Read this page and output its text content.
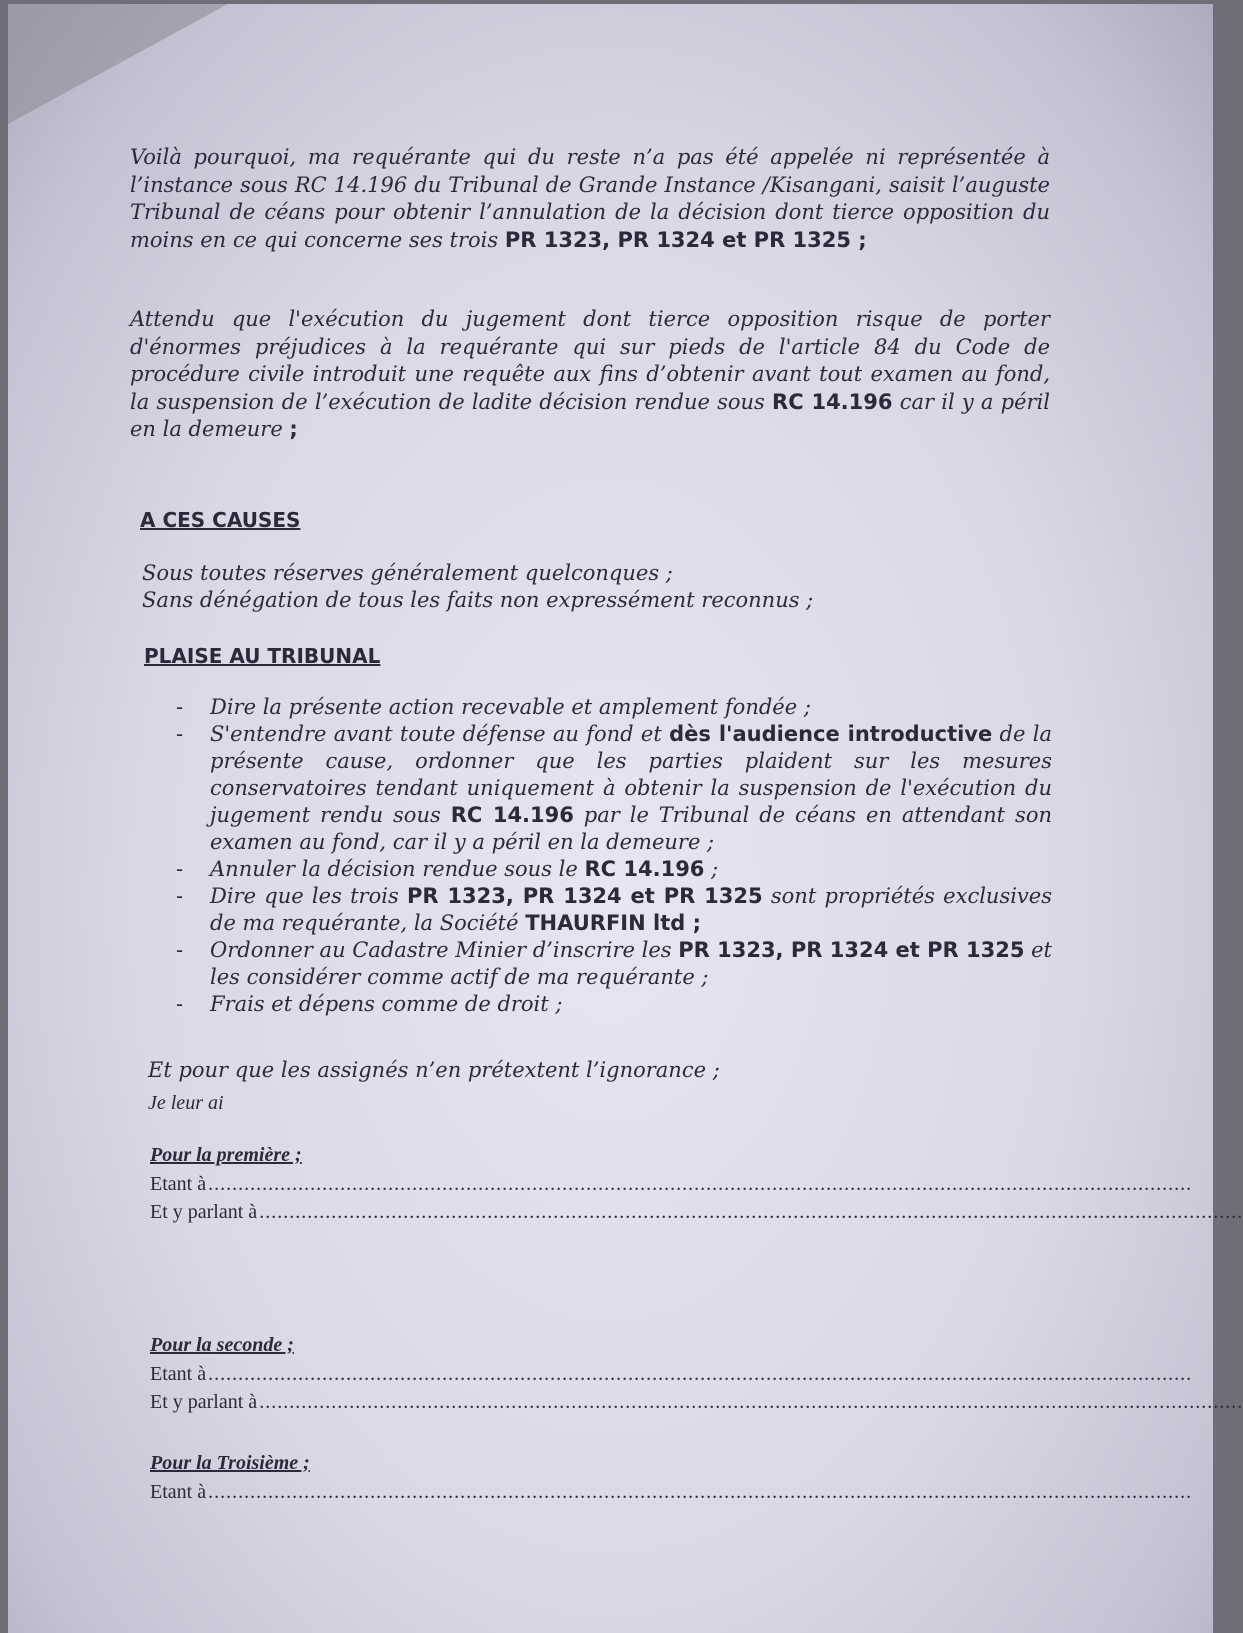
Voilà pourquoi, ma requérante qui du reste n’a pas été appelée ni représentée à l’instance sous RC 14.196 du Tribunal de Grande Instance /Kisangani, saisit l’auguste Tribunal de céans pour obtenir l’annulation de la décision dont tierce opposition du moins en ce qui concerne ses trois PR 1323, PR 1324 et PR 1325 ;

Attendu que l'exécution du jugement dont tierce opposition risque de porter d'énormes préjudices à la requérante qui sur pieds de l'article 84 du Code de procédure civile introduit une requête aux fins d’obtenir avant tout examen au fond, la suspension de l’exécution de ladite décision rendue sous RC 14.196 car il y a péril en la demeure ;

A CES CAUSES

Sous toutes réserves généralement quelconques ;
Sans dénégation de tous les faits non expressément reconnus ;

PLAISE AU TRIBUNAL

- Dire la présente action recevable et amplement fondée ;
- S'entendre avant toute défense au fond et dès l'audience introductive de la présente cause, ordonner que les parties plaident sur les mesures conservatoires tendant uniquement à obtenir la suspension de l'exécution du jugement rendu sous RC 14.196 par le Tribunal de céans en attendant son examen au fond, car il y a péril en la demeure ;
- Annuler la décision rendue sous le RC 14.196 ;
- Dire que les trois PR 1323, PR 1324 et PR 1325 sont propriétés exclusives de ma requérante, la Société THAURFIN ltd ;
- Ordonner au Cadastre Minier d’inscrire les PR 1323, PR 1324 et PR 1325 et les considérer comme actif de ma requérante ;
- Frais et dépens comme de droit ;

Et pour que les assignés n’en prétextent l’ignorance ;

Je leur ai

Pour la première ;

Etant à ....................................................................................................................................................................
Et y parlant à ....................................................................................................................................................................

Pour la seconde ;

Etant à ....................................................................................................................................................................
Et y parlant à ....................................................................................................................................................................

Pour la Troisième ;

Etant à ....................................................................................................................................................................
